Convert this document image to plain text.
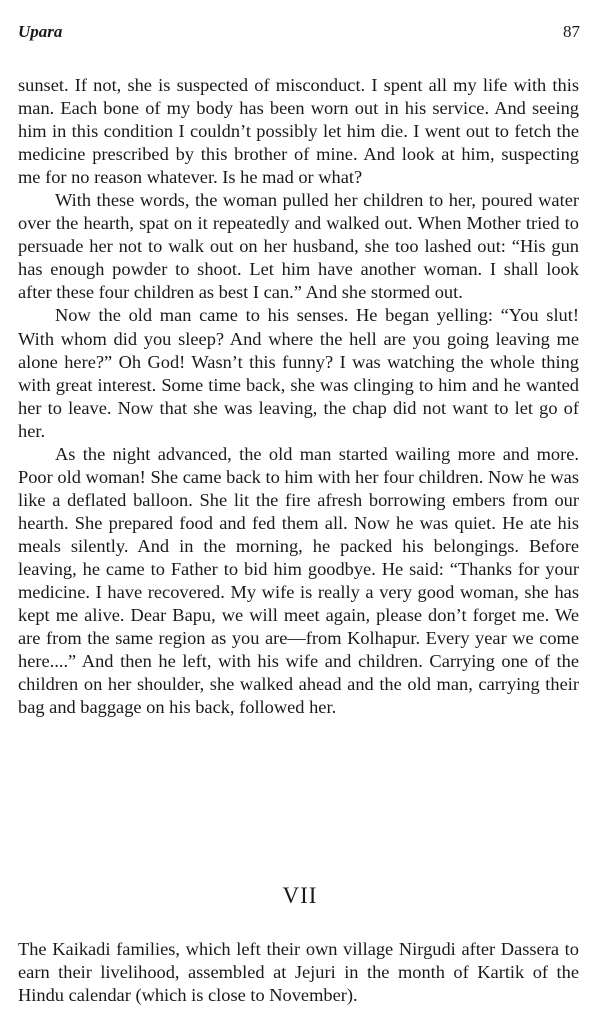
Upara	87

sunset. If not, she is suspected of misconduct. I spent all my life with this man. Each bone of my body has been worn out in his service. And seeing him in this condition I couldn’t possibly let him die. I went out to fetch the medicine prescribed by this brother of mine. And look at him, suspecting me for no reason whatever. Is he mad or what?

With these words, the woman pulled her children to her, poured water over the hearth, spat on it repeatedly and walked out. When Mother tried to persuade her not to walk out on her husband, she too lashed out: “His gun has enough powder to shoot. Let him have another woman. I shall look after these four children as best I can.” And she stormed out.

Now the old man came to his senses. He began yelling: “You slut! With whom did you sleep? And where the hell are you going leaving me alone here?” Oh God! Wasn’t this funny? I was watching the whole thing with great interest. Some time back, she was clinging to him and he wanted her to leave. Now that she was leaving, the chap did not want to let go of her.

As the night advanced, the old man started wailing more and more. Poor old woman! She came back to him with her four children. Now he was like a deflated balloon. She lit the fire afresh borrowing embers from our hearth. She prepared food and fed them all. Now he was quiet. He ate his meals silently. And in the morning, he packed his belongings. Before leaving, he came to Father to bid him goodbye. He said: “Thanks for your medicine. I have recovered. My wife is really a very good woman, she has kept me alive. Dear Bapu, we will meet again, please don’t forget me. We are from the same region as you are—from Kolhapur. Every year we come here....” And then he left, with his wife and children. Carrying one of the children on her shoulder, she walked ahead and the old man, carrying their bag and baggage on his back, followed her.

VII

The Kaikadi families, which left their own village Nirgudi after Dassera to earn their livelihood, assembled at Jejuri in the month of Kartik of the Hindu calendar (which is close to November).
